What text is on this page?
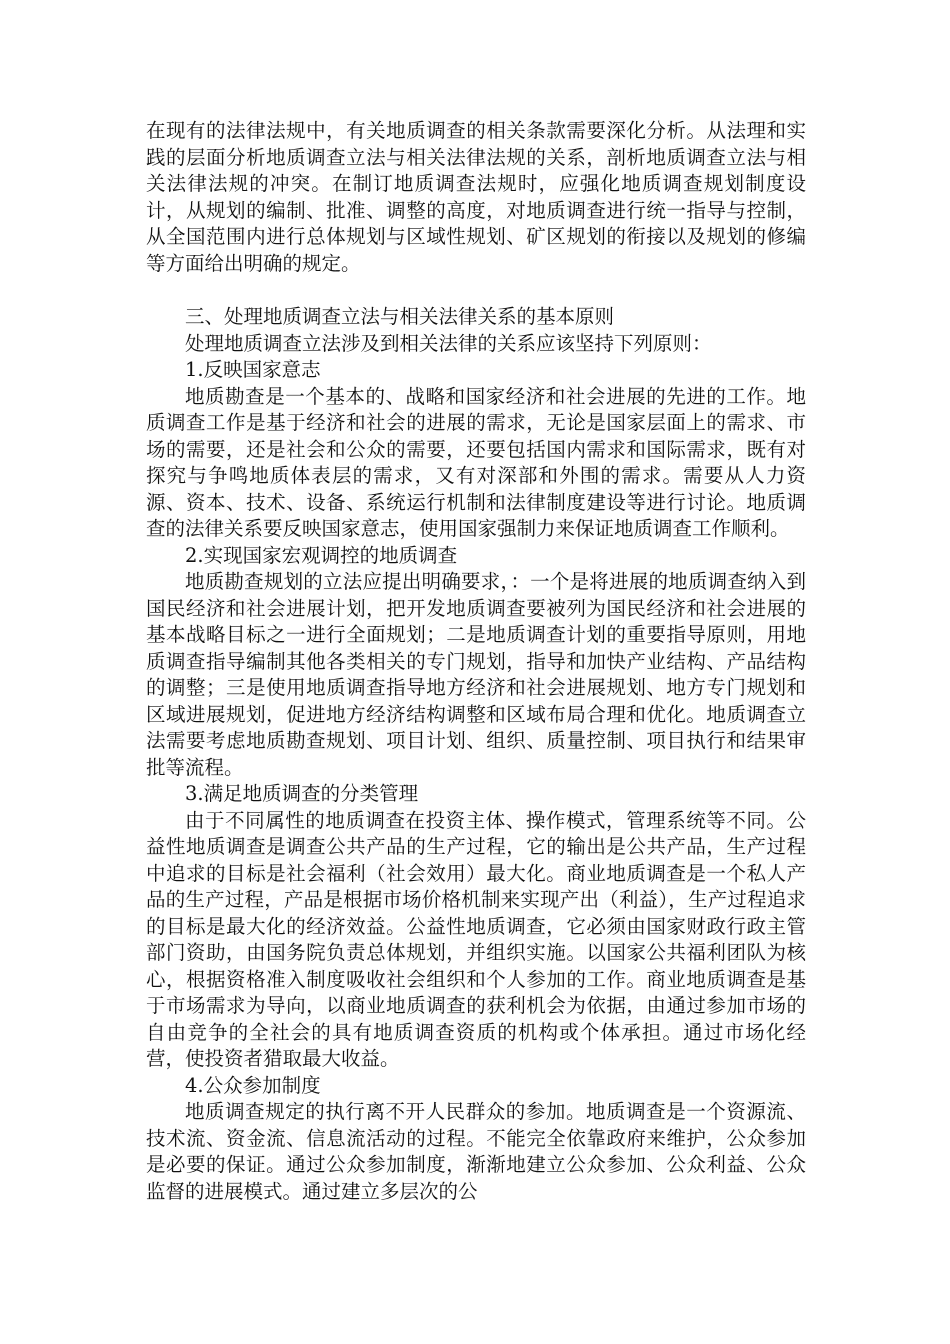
在现有的法律法规中，有关地质调查的相关条款需要深化分析。从法理和实践的层面分析地质调查立法与相关法律法规的关系，剖析地质调查立法与相关法律法规的冲突。在制订地质调查法规时，应强化地质调查规划制度设计，从规划的编制、批准、调整的高度，对地质调查进行统一指导与控制，从全国范围内进行总体规划与区域性规划、矿区规划的衔接以及规划的修编等方面给出明确的规定。

三、处理地质调查立法与相关法律关系的基本原则

处理地质调查立法涉及到相关法律的关系应该坚持下列原则：

1.反映国家意志

地质勘查是一个基本的、战略和国家经济和社会进展的先进的工作。地质调查工作是基于经济和社会的进展的需求，无论是国家层面上的需求、市场的需要，还是社会和公众的需要，还要包括国内需求和国际需求，既有对探究与争鸣地质体表层的需求，又有对深部和外围的需求。需要从人力资源、资本、技术、设备、系统运行机制和法律制度建设等进行讨论。地质调查的法律关系要反映国家意志，使用国家强制力来保证地质调查工作顺利。

2.实现国家宏观调控的地质调查

地质勘查规划的立法应提出明确要求，：一个是将进展的地质调查纳入到国民经济和社会进展计划，把开发地质调查要被列为国民经济和社会进展的基本战略目标之一进行全面规划；二是地质调查计划的重要指导原则，用地质调查指导编制其他各类相关的专门规划，指导和加快产业结构、产品结构的调整；三是使用地质调查指导地方经济和社会进展规划、地方专门规划和区域进展规划，促进地方经济结构调整和区域布局合理和优化。地质调查立法需要考虑地质勘查规划、项目计划、组织、质量控制、项目执行和结果审批等流程。

3.满足地质调查的分类管理

由于不同属性的地质调查在投资主体、操作模式，管理系统等不同。公益性地质调查是调查公共产品的生产过程，它的输出是公共产品，生产过程中追求的目标是社会福利（社会效用）最大化。商业地质调查是一个私人产品的生产过程，产品是根据市场价格机制来实现产出（利益），生产过程追求的目标是最大化的经济效益。公益性地质调查，它必须由国家财政行政主管部门资助，由国务院负责总体规划，并组织实施。以国家公共福利团队为核心，根据资格准入制度吸收社会组织和个人参加的工作。商业地质调查是基于市场需求为导向，以商业地质调查的获利机会为依据，由通过参加市场的自由竞争的全社会的具有地质调查资质的机构或个体承担。通过市场化经营，使投资者猎取最大收益。

4.公众参加制度

地质调查规定的执行离不开人民群众的参加。地质调查是一个资源流、技术流、资金流、信息流活动的过程。不能完全依靠政府来维护，公众参加是必要的保证。通过公众参加制度，渐渐地建立公众参加、公众利益、公众监督的进展模式。通过建立多层次的公
